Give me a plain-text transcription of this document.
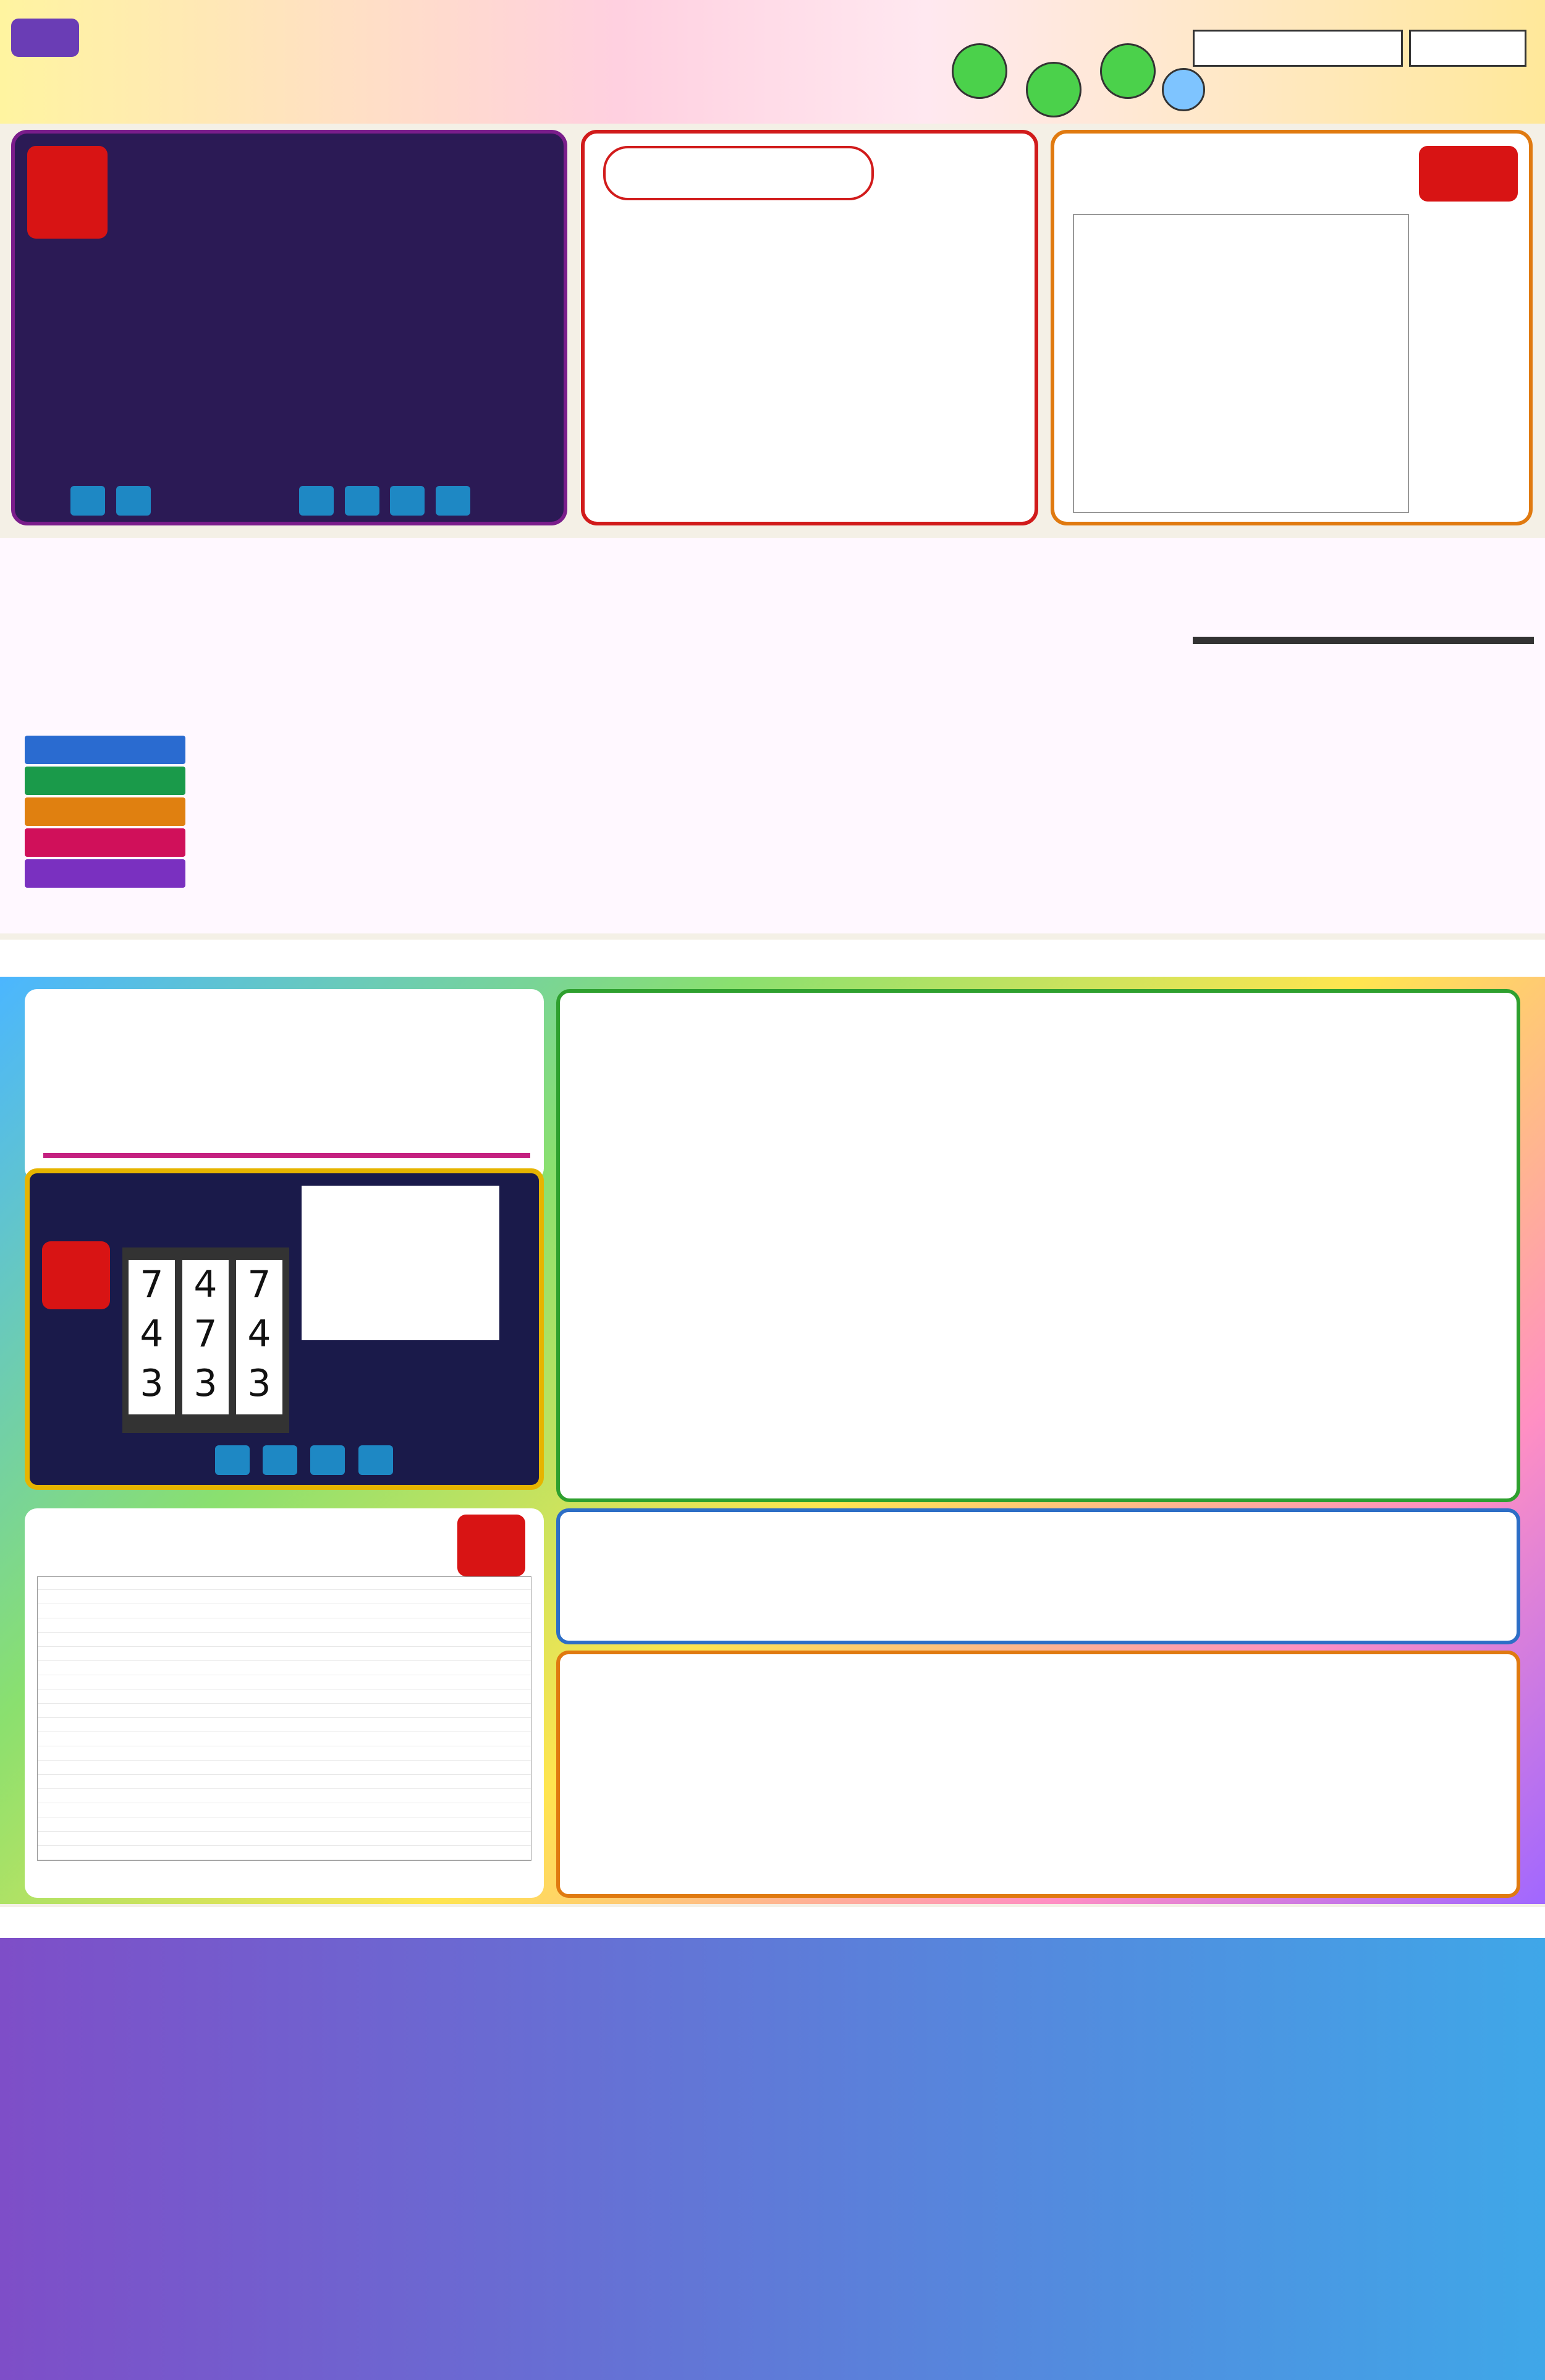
7
4
3
4
7
3
7
4
3
